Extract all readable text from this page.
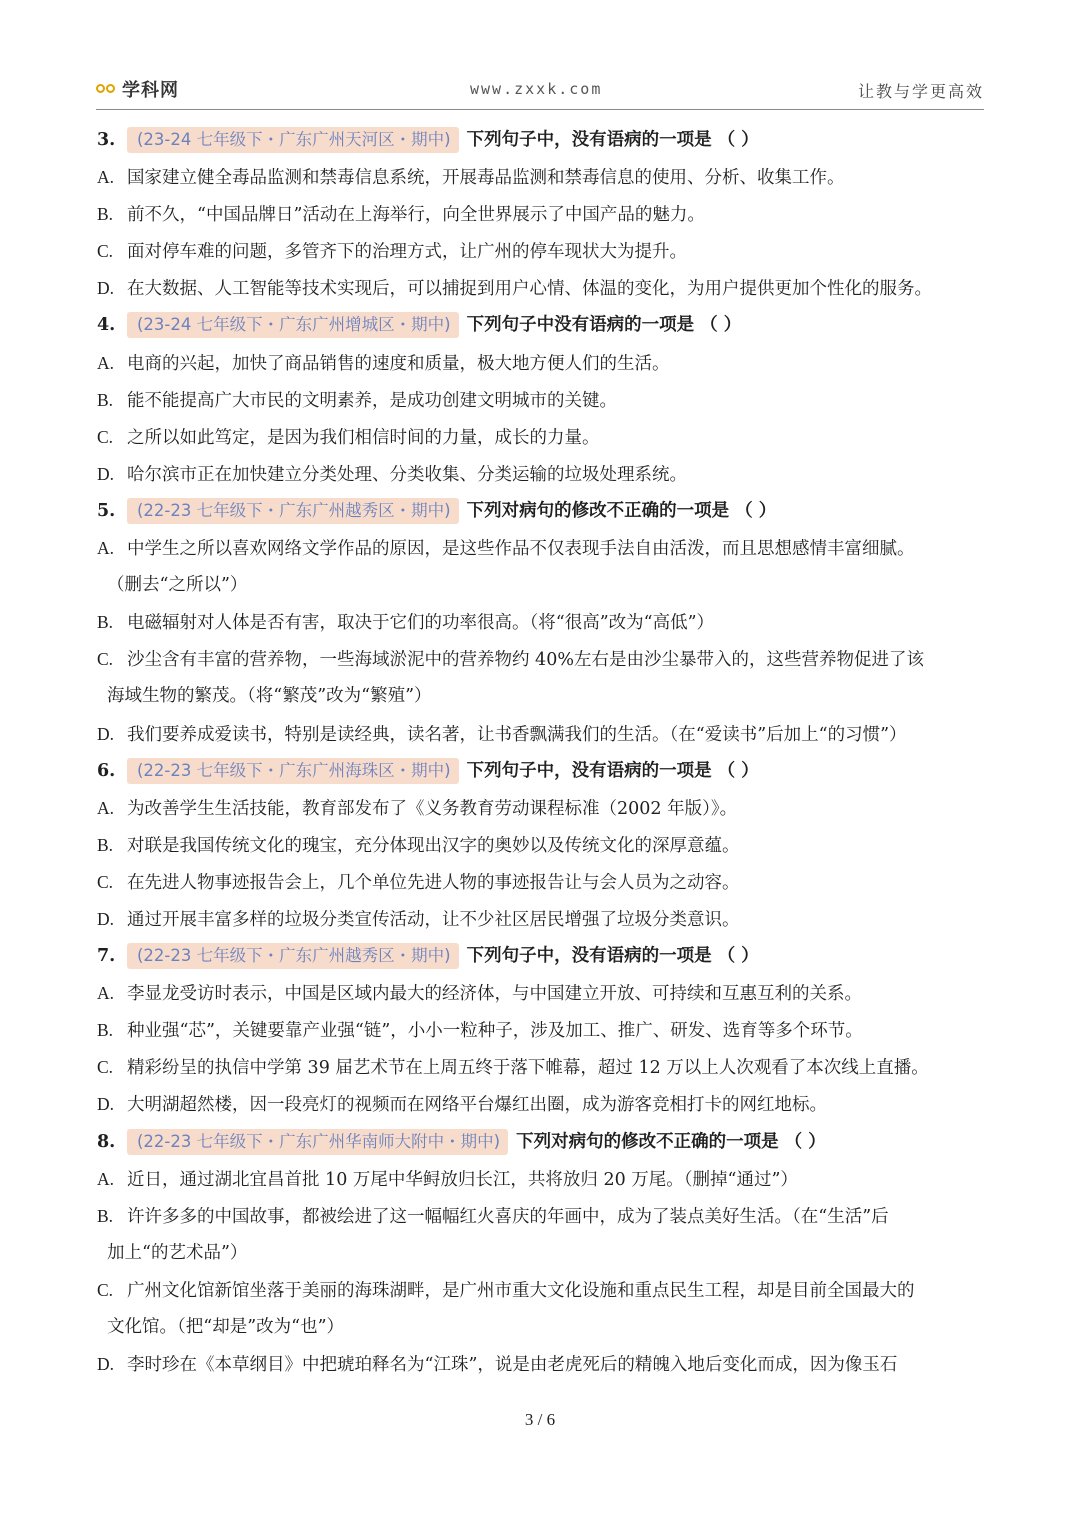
学科网	www.zxxk.com	让教与学更高效
3. (23-24 七年级下・广东广州天河区・期中) 下列句子中，没有语病的一项是 （ ）
A. 国家建立健全毒品监测和禁毒信息系统，开展毒品监测和禁毒信息的使用、分析、收集工作。
B. 前不久，“中国品牌日”活动在上海举行，向全世界展示了中国产品的魅力。
C. 面对停车难的问题，多管齐下的治理方式，让广州的停车现状大为提升。
D. 在大数据、人工智能等技术实现后，可以捕捉到用户心情、体温的变化，为用户提供更加个性化的服务。
4. (23-24 七年级下・广东广州增城区・期中) 下列句子中没有语病的一项是 （ ）
A. 电商的兴起，加快了商品销售的速度和质量，极大地方便人们的生活。
B. 能不能提高广大市民的文明素养，是成功创建文明城市的关键。
C. 之所以如此笃定，是因为我们相信时间的力量，成长的力量。
D. 哈尔滨市正在加快建立分类处理、分类收集、分类运输的垃圾处理系统。
5. (22-23 七年级下・广东广州越秀区・期中) 下列对病句的修改不正确的一项是 （ ）
A. 中学生之所以喜欢网络文学作品的原因，是这些作品不仅表现手法自由活泼，而且思想感情丰富细腻。
（删去“之所以”）
B. 电磁辐射对人体是否有害，取决于它们的功率很高。（将“很高”改为“高低”）
C. 沙尘含有丰富的营养物，一些海域淤泥中的营养物约 40%左右是由沙尘暴带入的，这些营养物促进了该
海域生物的繁茂。（将“繁茂”改为“繁殖”）
D. 我们要养成爱读书，特别是读经典，读名著，让书香飘满我们的生活。（在“爱读书”后加上“的习惯”）
6. (22-23 七年级下・广东广州海珠区・期中) 下列句子中，没有语病的一项是 （ ）
A. 为改善学生生活技能，教育部发布了《义务教育劳动课程标准（2002 年版）》。
B. 对联是我国传统文化的瑰宝，充分体现出汉字的奥妙以及传统文化的深厚意蕴。
C. 在先进人物事迹报告会上，几个单位先进人物的事迹报告让与会人员为之动容。
D. 通过开展丰富多样的垃圾分类宣传活动，让不少社区居民增强了垃圾分类意识。
7. (22-23 七年级下・广东广州越秀区・期中) 下列句子中，没有语病的一项是 （ ）
A. 李显龙受访时表示，中国是区域内最大的经济体，与中国建立开放、可持续和互惠互利的关系。
B. 种业强“芯”，关键要靠产业强“链”，小小一粒种子，涉及加工、推广、研发、选育等多个环节。
C. 精彩纷呈的执信中学第 39 届艺术节在上周五终于落下帷幕，超过 12 万以上人次观看了本次线上直播。
D. 大明湖超然楼，因一段亮灯的视频而在网络平台爆红出圈，成为游客竞相打卡的网红地标。
8. (22-23 七年级下・广东广州华南师大附中・期中) 下列对病句的修改不正确的一项是 （ ）
A. 近日，通过湖北宜昌首批 10 万尾中华鲟放归长江，共将放归 20 万尾。（删掉“通过”）
B. 许许多多的中国故事，都被绘进了这一幅幅红火喜庆的年画中，成为了装点美好生活。（在“生活”后
加上“的艺术品”）
C. 广州文化馆新馆坐落于美丽的海珠湖畔，是广州市重大文化设施和重点民生工程，却是目前全国最大的
文化馆。（把“却是”改为“也”）
D. 李时珍在《本草纲目》中把琥珀释名为“江珠”，说是由老虎死后的精魄入地后变化而成，因为像玉石
3 / 6
